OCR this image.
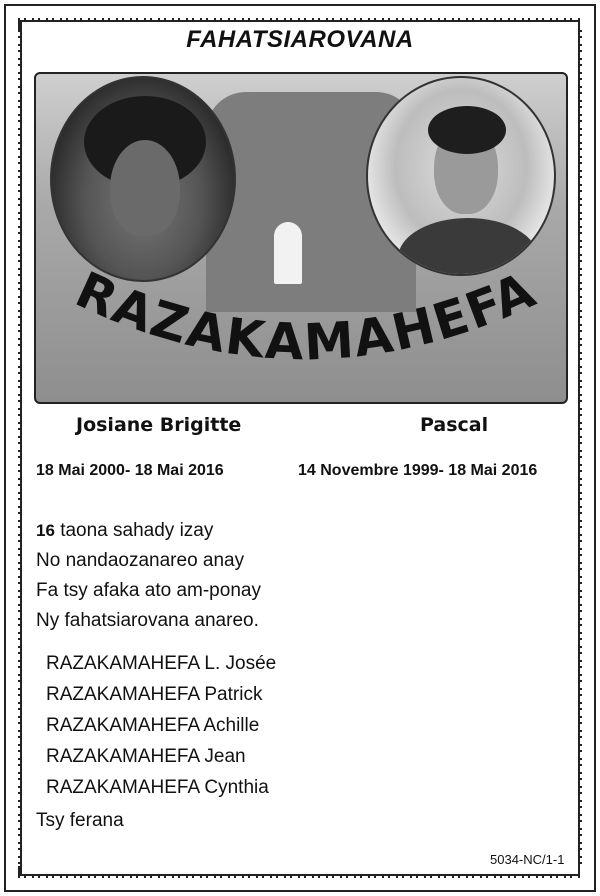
FAHATSIAROVANA
RAZAKAMAHEFA
Josiane Brigitte	Pascal
18 Mai 2000- 18 Mai 2016	14 Novembre 1999- 18 Mai 2016
16 taona sahady izay
No nandaozanareo anay
Fa tsy afaka ato am-ponay
Ny fahatsiarovana anareo.
RAZAKAMAHEFA L. Josée
RAZAKAMAHEFA Patrick
RAZAKAMAHEFA Achille
RAZAKAMAHEFA Jean
RAZAKAMAHEFA Cynthia
Tsy ferana
5034-NC/1-1
